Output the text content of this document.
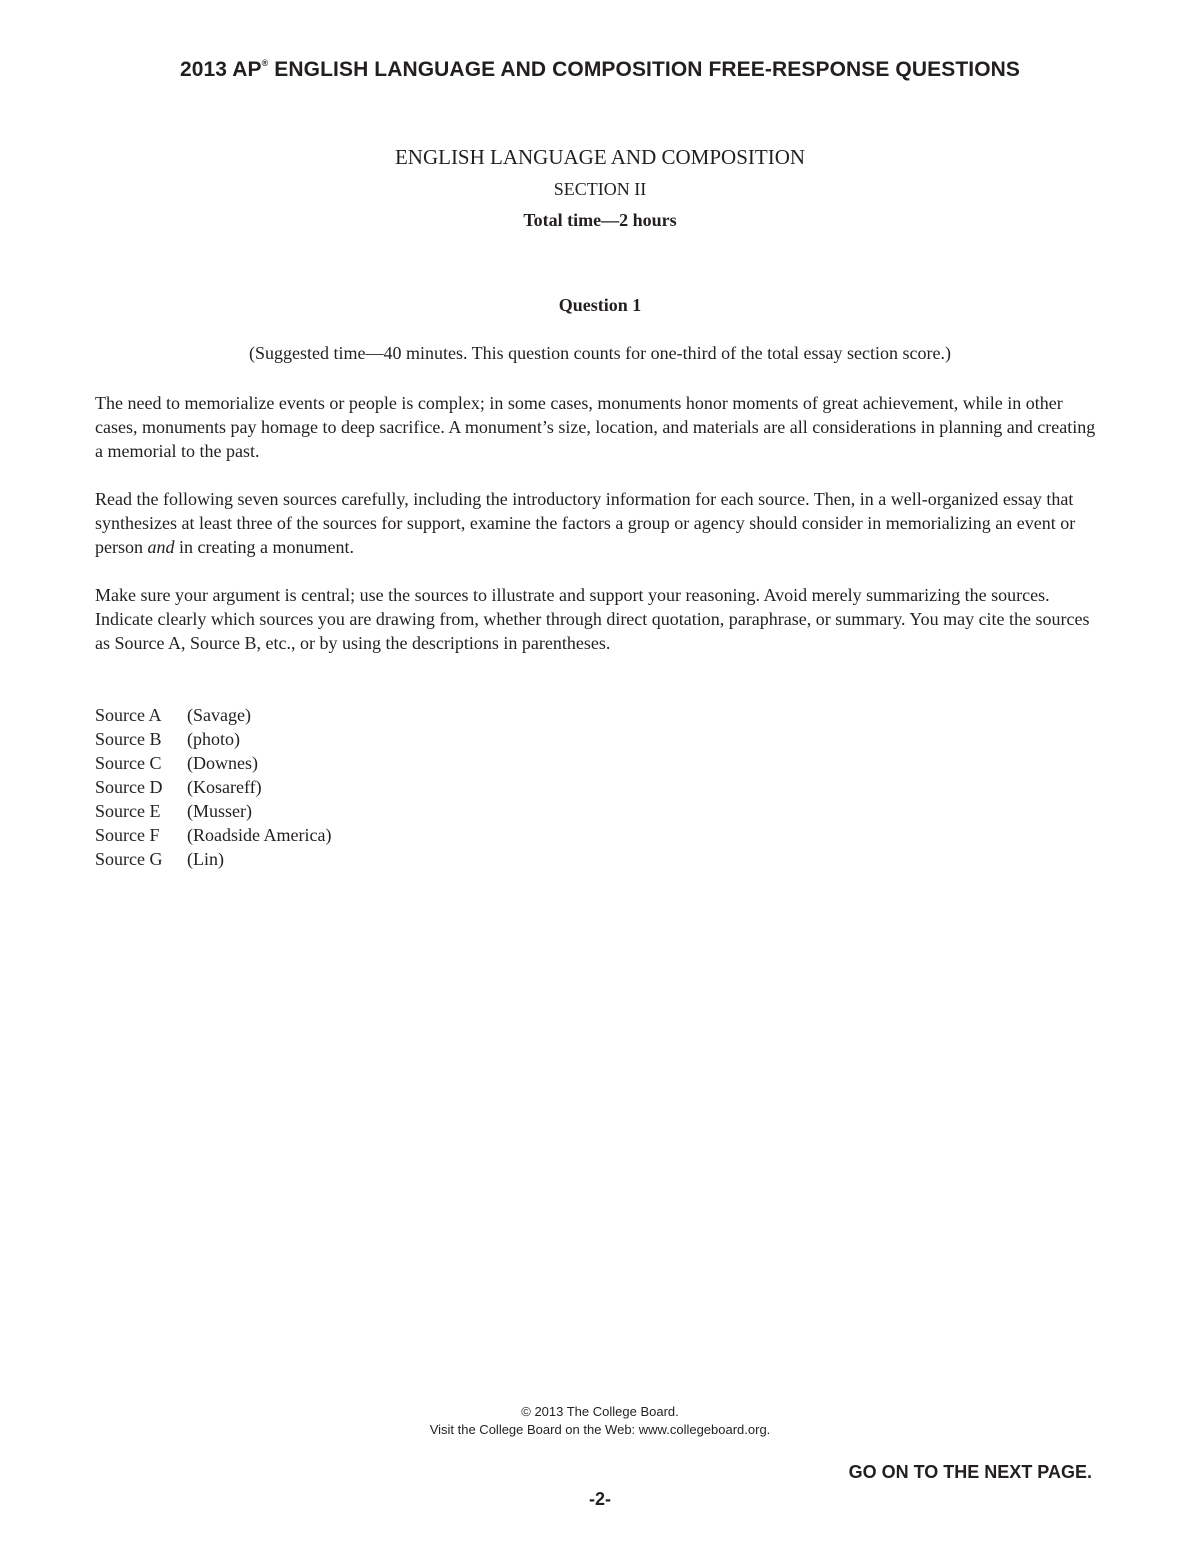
2013 AP® ENGLISH LANGUAGE AND COMPOSITION FREE-RESPONSE QUESTIONS
ENGLISH LANGUAGE AND COMPOSITION
SECTION II
Total time—2 hours
Question 1
(Suggested time—40 minutes. This question counts for one-third of the total essay section score.)

The need to memorialize events or people is complex; in some cases, monuments honor moments of great achievement, while in other cases, monuments pay homage to deep sacrifice. A monument’s size, location, and materials are all considerations in planning and creating a memorial to the past.

Read the following seven sources carefully, including the introductory information for each source. Then, in a well-organized essay that synthesizes at least three of the sources for support, examine the factors a group or agency should consider in memorializing an event or person and in creating a monument.

Make sure your argument is central; use the sources to illustrate and support your reasoning. Avoid merely summarizing the sources. Indicate clearly which sources you are drawing from, whether through direct quotation, paraphrase, or summary. You may cite the sources as Source A, Source B, etc., or by using the descriptions in parentheses.

Source A (Savage)
Source B (photo)
Source C (Downes)
Source D (Kosareff)
Source E (Musser)
Source F (Roadside America)
Source G (Lin)
© 2013 The College Board.
Visit the College Board on the Web: www.collegeboard.org.
GO ON TO THE NEXT PAGE.
-2-
